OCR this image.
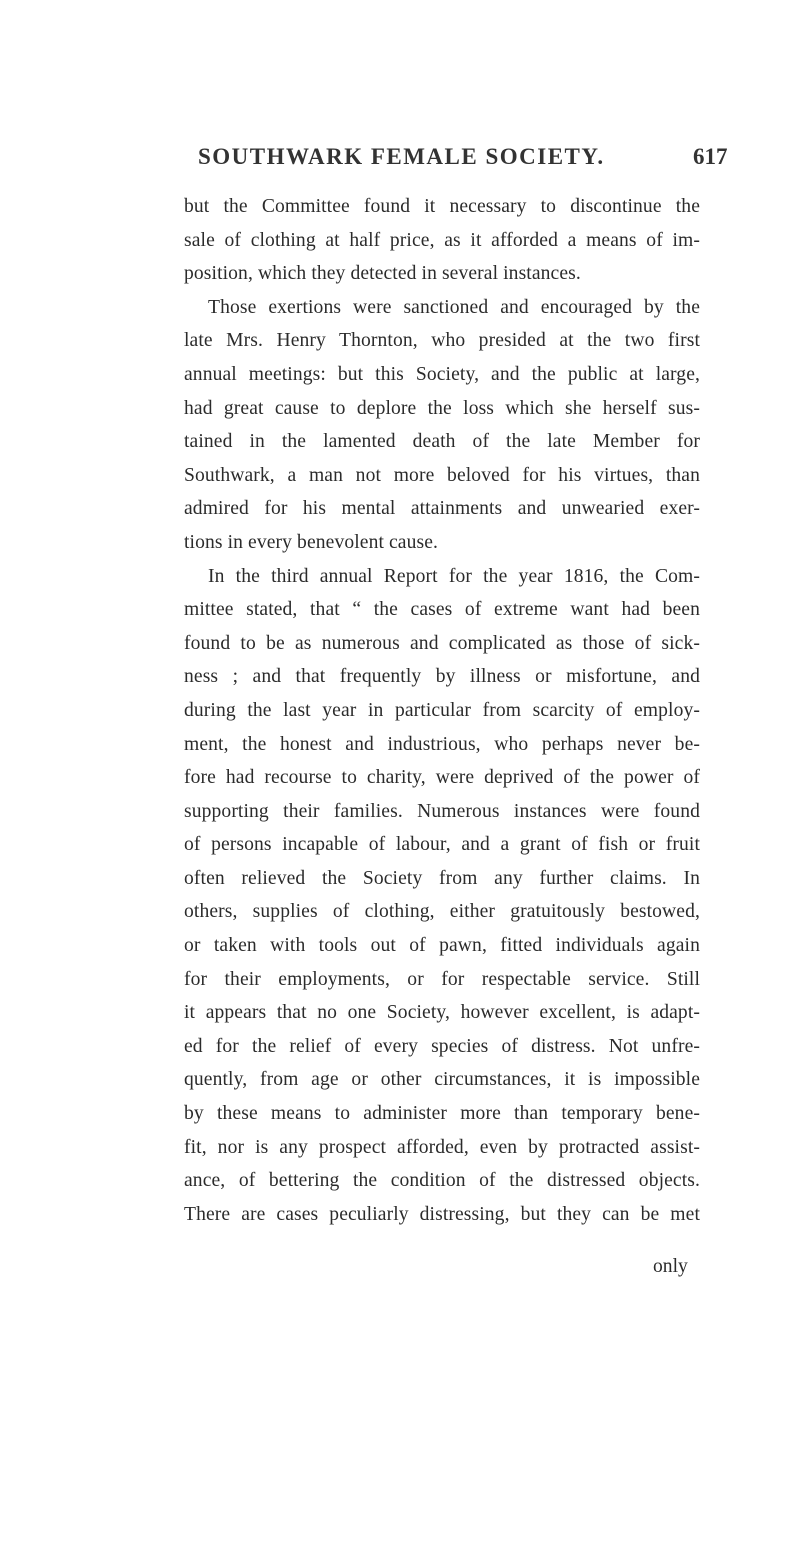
SOUTHWARK FEMALE SOCIETY.	617
but the Committee found it necessary to discontinue the
sale of clothing at half price, as it afforded a means of im-
position, which they detected in several instances.
Those exertions were sanctioned and encouraged by the
late Mrs. Henry Thornton, who presided at the two first
annual meetings: but this Society, and the public at large,
had great cause to deplore the loss which she herself sus-
tained in the lamented death of the late Member for
Southwark, a man not more beloved for his virtues, than
admired for his mental attainments and unwearied exer-
tions in every benevolent cause.
In the third annual Report for the year 1816, the Com-
mittee stated, that “ the cases of extreme want had been
found to be as numerous and complicated as those of sick-
ness ; and that frequently by illness or misfortune, and
during the last year in particular from scarcity of employ-
ment, the honest and industrious, who perhaps never be-
fore had recourse to charity, were deprived of the power of
supporting their families. Numerous instances were found
of persons incapable of labour, and a grant of fish or fruit
often relieved the Society from any further claims. In
others, supplies of clothing, either gratuitously bestowed,
or taken with tools out of pawn, fitted individuals again
for their employments, or for respectable service. Still
it appears that no one Society, however excellent, is adapt-
ed for the relief of every species of distress. Not unfre-
quently, from age or other circumstances, it is impossible
by these means to administer more than temporary bene-
fit, nor is any prospect afforded, even by protracted assist-
ance, of bettering the condition of the distressed objects.
There are cases peculiarly distressing, but they can be met
only
